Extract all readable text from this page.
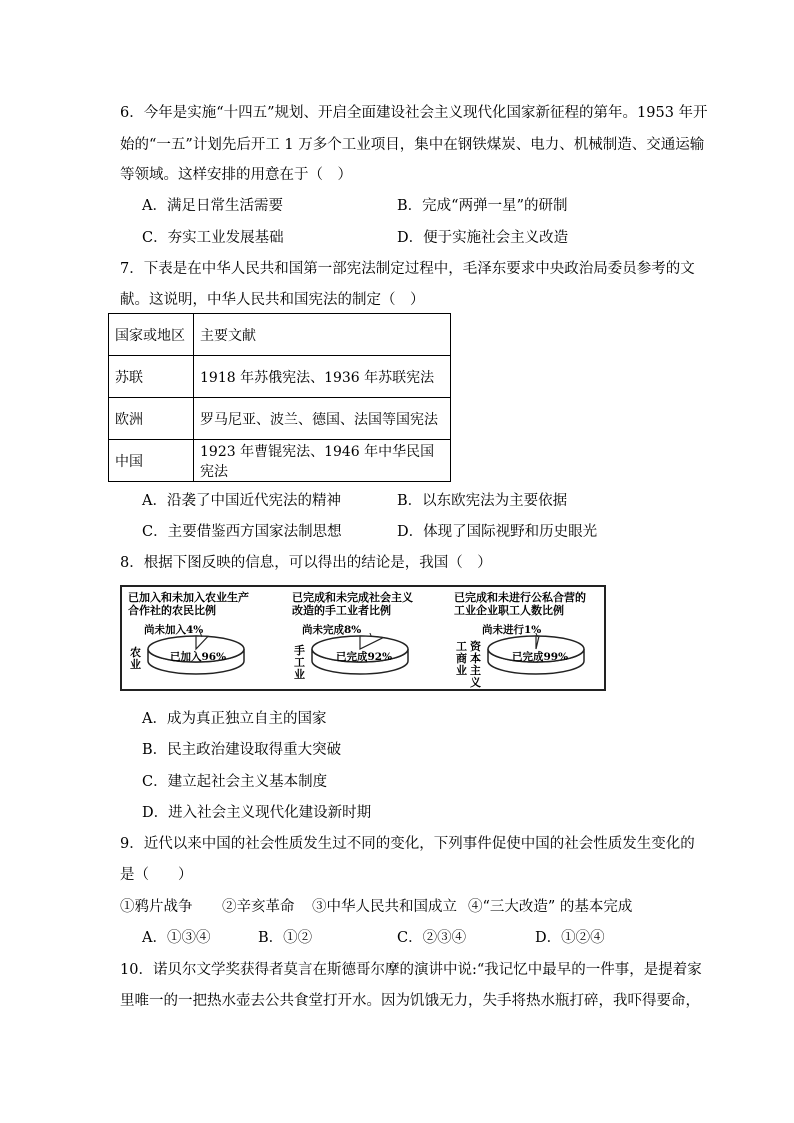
6．今年是实施“十四五”规划、开启全面建设社会主义现代化国家新征程的第年。1953 年开
始的“一五”计划先后开工 1 万多个工业项目，集中在钢铁煤炭、电力、机械制造、交通运输
等领域。这样安排的用意在于（　）
A．满足日常生活需要	B．完成“两弹一星”的研制
C．夯实工业发展基础	D．便于实施社会主义改造
7．下表是在中华人民共和国第一部宪法制定过程中，毛泽东要求中央政治局委员参考的文
献。这说明，中华人民共和国宪法的制定（　）
国家或地区	主要文献
苏联	1918 年苏俄宪法、1936 年苏联宪法
欧洲	罗马尼亚、波兰、德国、法国等国宪法
中国	1923 年曹锟宪法、1946 年中华民国宪法
A．沿袭了中国近代宪法的精神	B．以东欧宪法为主要依据
C．主要借鉴西方国家法制思想	D．体现了国际视野和历史眼光
8．根据下图反映的信息，可以得出的结论是，我国（　）
已加入和未加入农业生产
合作社的农民比例
尚未加入4%
农业
已加入96%
已完成和未完成社会主义
改造的手工业者比例
尚未完成8%
手工业
已完成92%
已完成和未进行公私合营的
工业企业职工人数比例
尚未进行1%
资本主义
工商业
已完成99%
A．成为真正独立自主的国家
B．民主政治建设取得重大突破
C．建立起社会主义基本制度
D．进入社会主义现代化建设新时期
9．近代以来中国的社会性质发生过不同的变化，下列事件促使中国的社会性质发生变化的
是（　　）
①鸦片战争 ②辛亥革命 ③中华人民共和国成立 ④“三大改造” 的基本完成
A．①③④	B．①②	C．②③④	D．①②④
10．诺贝尔文学奖获得者莫言在斯德哥尔摩的演讲中说:“我记忆中最早的一件事，是提着家
里唯一的一把热水壶去公共食堂打开水。因为饥饿无力，失手将热水瓶打碎，我吓得要命，
